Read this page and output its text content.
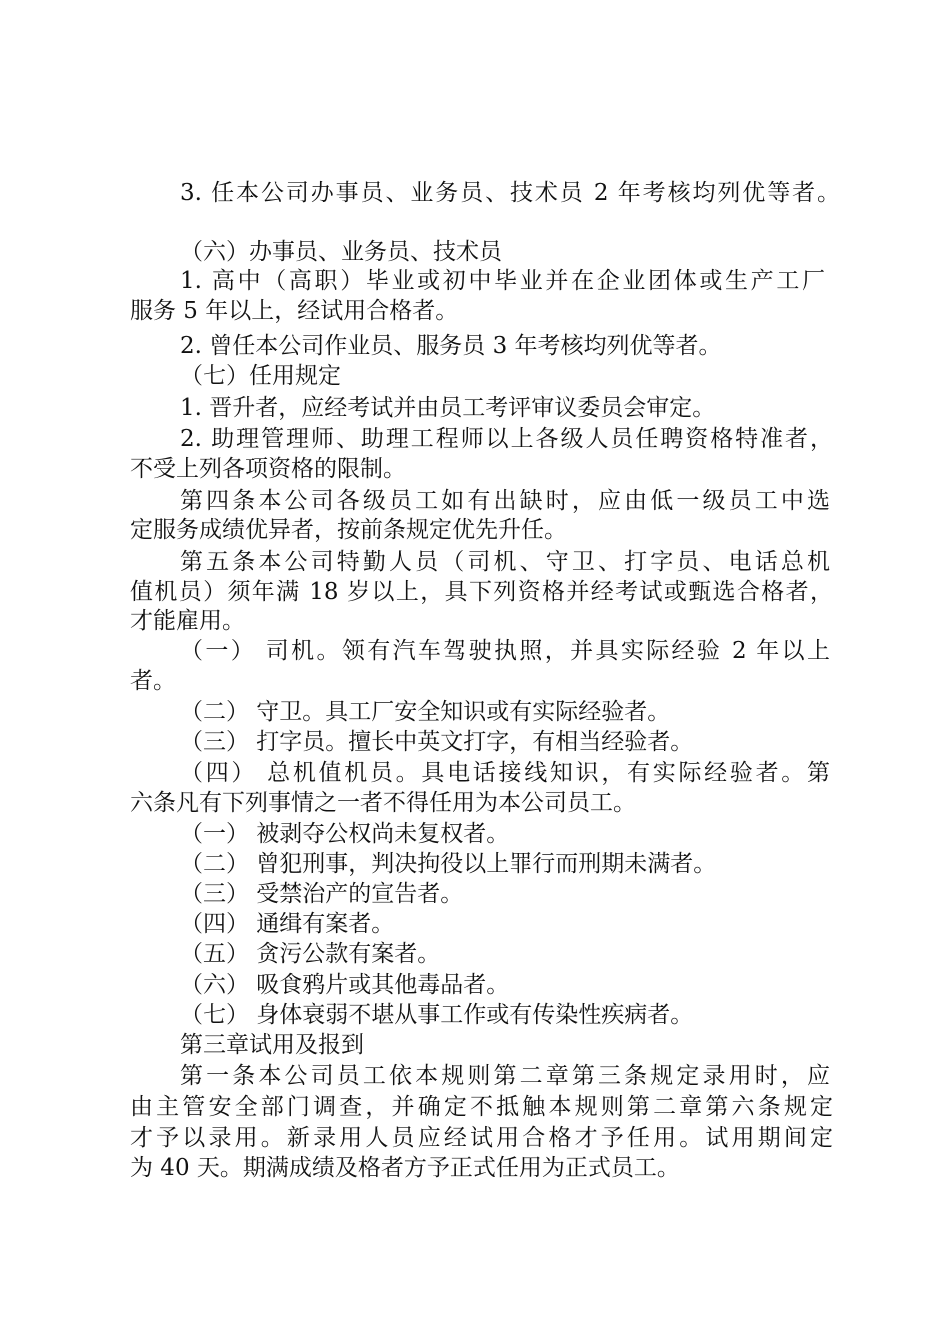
3. 任本公司办事员、业务员、技术员 2 年考核均列优等者。
（六）办事员、业务员、技术员
1. 高中（高职）毕业或初中毕业并在企业团体或生产工厂
服务 5 年以上，经试用合格者。
2. 曾任本公司作业员、服务员 3 年考核均列优等者。
（七）任用规定
1. 晋升者，应经考试并由员工考评审议委员会审定。
2. 助理管理师、助理工程师以上各级人员任聘资格特准者，
不受上列各项资格的限制。
第四条本公司各级员工如有出缺时，应由低一级员工中选
定服务成绩优异者，按前条规定优先升任。
第五条本公司特勤人员（司机、守卫、打字员、电话总机
值机员）须年满 18 岁以上，具下列资格并经考试或甄选合格者，
才能雇用。
（一） 司机。领有汽车驾驶执照，并具实际经验 2 年以上
者。
（二） 守卫。具工厂安全知识或有实际经验者。
（三） 打字员。擅长中英文打字，有相当经验者。
（四） 总机值机员。具电话接线知识，有实际经验者。第
六条凡有下列事情之一者不得任用为本公司员工。
（一） 被剥夺公权尚未复权者。
（二） 曾犯刑事，判决拘役以上罪行而刑期未满者。
（三） 受禁治产的宣告者。
（四） 通缉有案者。
（五） 贪污公款有案者。
（六） 吸食鸦片或其他毒品者。
（七） 身体衰弱不堪从事工作或有传染性疾病者。
第三章试用及报到
第一条本公司员工依本规则第二章第三条规定录用时，应
由主管安全部门调查，并确定不抵触本规则第二章第六条规定
才予以录用。新录用人员应经试用合格才予任用。试用期间定
为 40 天。期满成绩及格者方予正式任用为正式员工。
